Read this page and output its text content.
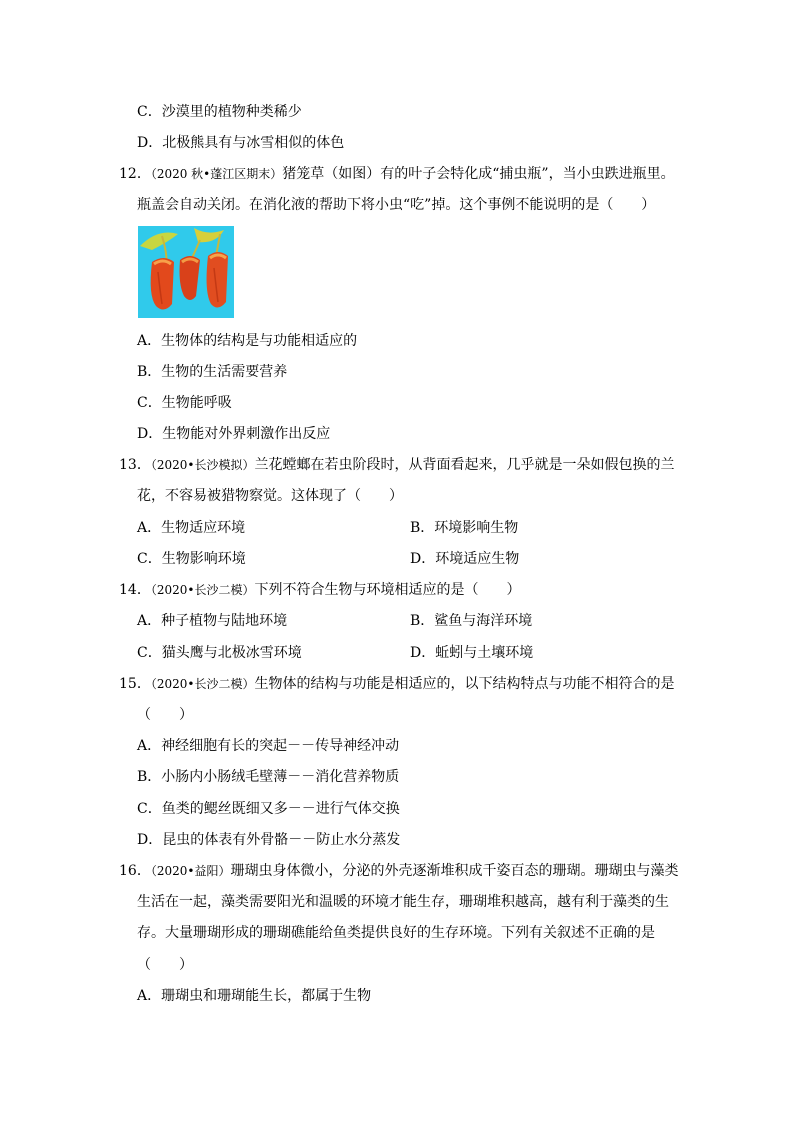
C．沙漠里的植物种类稀少
D．北极熊具有与冰雪相似的体色
12．（2020 秋•蓬江区期末）猪笼草（如图）有的叶子会特化成“捕虫瓶”，当小虫跌进瓶里。
瓶盖会自动关闭。在消化液的帮助下将小虫“吃”掉。这个事例不能说明的是（　　）
A．生物体的结构是与功能相适应的
B．生物的生活需要营养
C．生物能呼吸
D．生物能对外界刺激作出反应
13．（2020•长沙模拟）兰花螳螂在若虫阶段时，从背面看起来，几乎就是一朵如假包换的兰
花，不容易被猎物察觉。这体现了（　　）
A．生物适应环境	B．环境影响生物
C．生物影响环境	D．环境适应生物
14．（2020•长沙二模）下列不符合生物与环境相适应的是（　　）
A．种子植物与陆地环境	B．鲨鱼与海洋环境
C．猫头鹰与北极冰雪环境	D．蚯蚓与土壤环境
15．（2020•长沙二模）生物体的结构与功能是相适应的，以下结构特点与功能不相符合的是
（　　）
A．神经细胞有长的突起－－传导神经冲动
B．小肠内小肠绒毛壁薄－－消化营养物质
C．鱼类的鳃丝既细又多－－进行气体交换
D．昆虫的体表有外骨骼－－防止水分蒸发
16．（2020•益阳）珊瑚虫身体微小，分泌的外壳逐渐堆积成千姿百态的珊瑚。珊瑚虫与藻类
生活在一起，藻类需要阳光和温暖的环境才能生存，珊瑚堆积越高，越有利于藻类的生
存。大量珊瑚形成的珊瑚礁能给鱼类提供良好的生存环境。下列有关叙述不正确的是
（　　）
A．珊瑚虫和珊瑚能生长，都属于生物
